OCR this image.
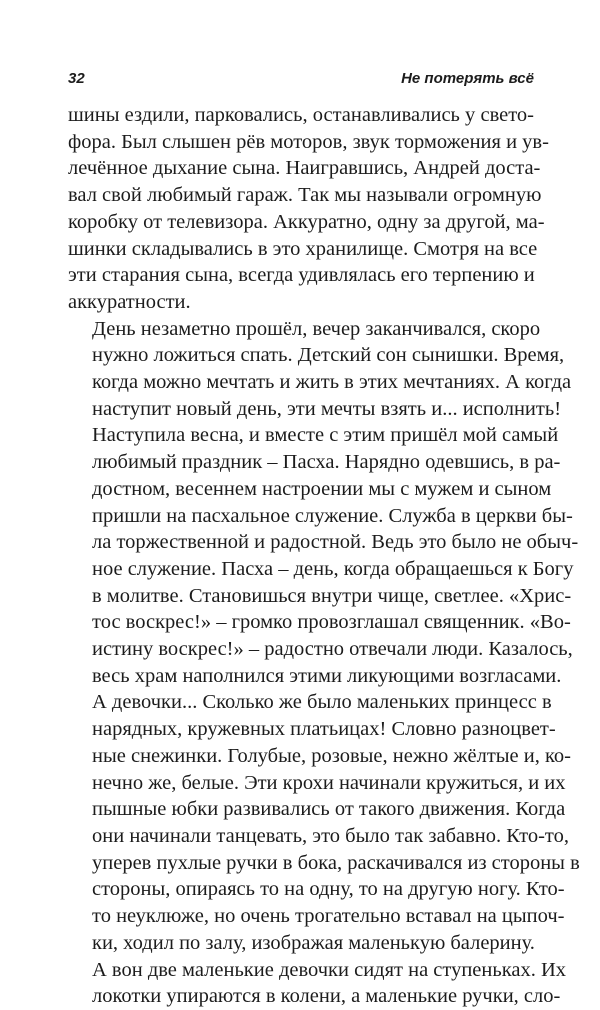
32	Не потерять всё

шины ездили, парковались, останавливались у свето-
фора. Был слышен рёв моторов, звук торможения и ув-
лечённое дыхание сына. Наигравшись, Андрей доста-
вал свой любимый гараж. Так мы называли огромную
коробку от телевизора. Аккуратно, одну за другой, ма-
шинки складывались в это хранилище. Смотря на все
эти старания сына, всегда удивлялась его терпению и
аккуратности.

День незаметно прошёл, вечер заканчивался, скоро
нужно ложиться спать. Детский сон сынишки. Время,
когда можно мечтать и жить в этих мечтаниях. А когда
наступит новый день, эти мечты взять и... исполнить!

Наступила весна, и вместе с этим пришёл мой самый
любимый праздник – Пасха. Нарядно одевшись, в ра-
достном, весеннем настроении мы с мужем и сыном
пришли на пасхальное служение. Служба в церкви бы-
ла торжественной и радостной. Ведь это было не обыч-
ное служение. Пасха – день, когда обращаешься к Богу
в молитве. Становишься внутри чище, светлее. «Хрис-
тос воскрес!» – громко провозглашал священник. «Во-
истину воскрес!» – радостно отвечали люди. Казалось,
весь храм наполнился этими ликующими возгласами.

А девочки... Сколько же было маленьких принцесс в
нарядных, кружевных платьицах! Словно разноцвет-
ные снежинки. Голубые, розовые, нежно жёлтые и, ко-
нечно же, белые. Эти крохи начинали кружиться, и их
пышные юбки развивались от такого движения. Когда
они начинали танцевать, это было так забавно. Кто-то,
уперев пухлые ручки в бока, раскачивался из стороны в
стороны, опираясь то на одну, то на другую ногу. Кто-
то неуклюже, но очень трогательно вставал на цыпоч-
ки, ходил по залу, изображая маленькую балерину.
А вон две маленькие девочки сидят на ступеньках. Их
локотки упираются в колени, а маленькие ручки, сло-
